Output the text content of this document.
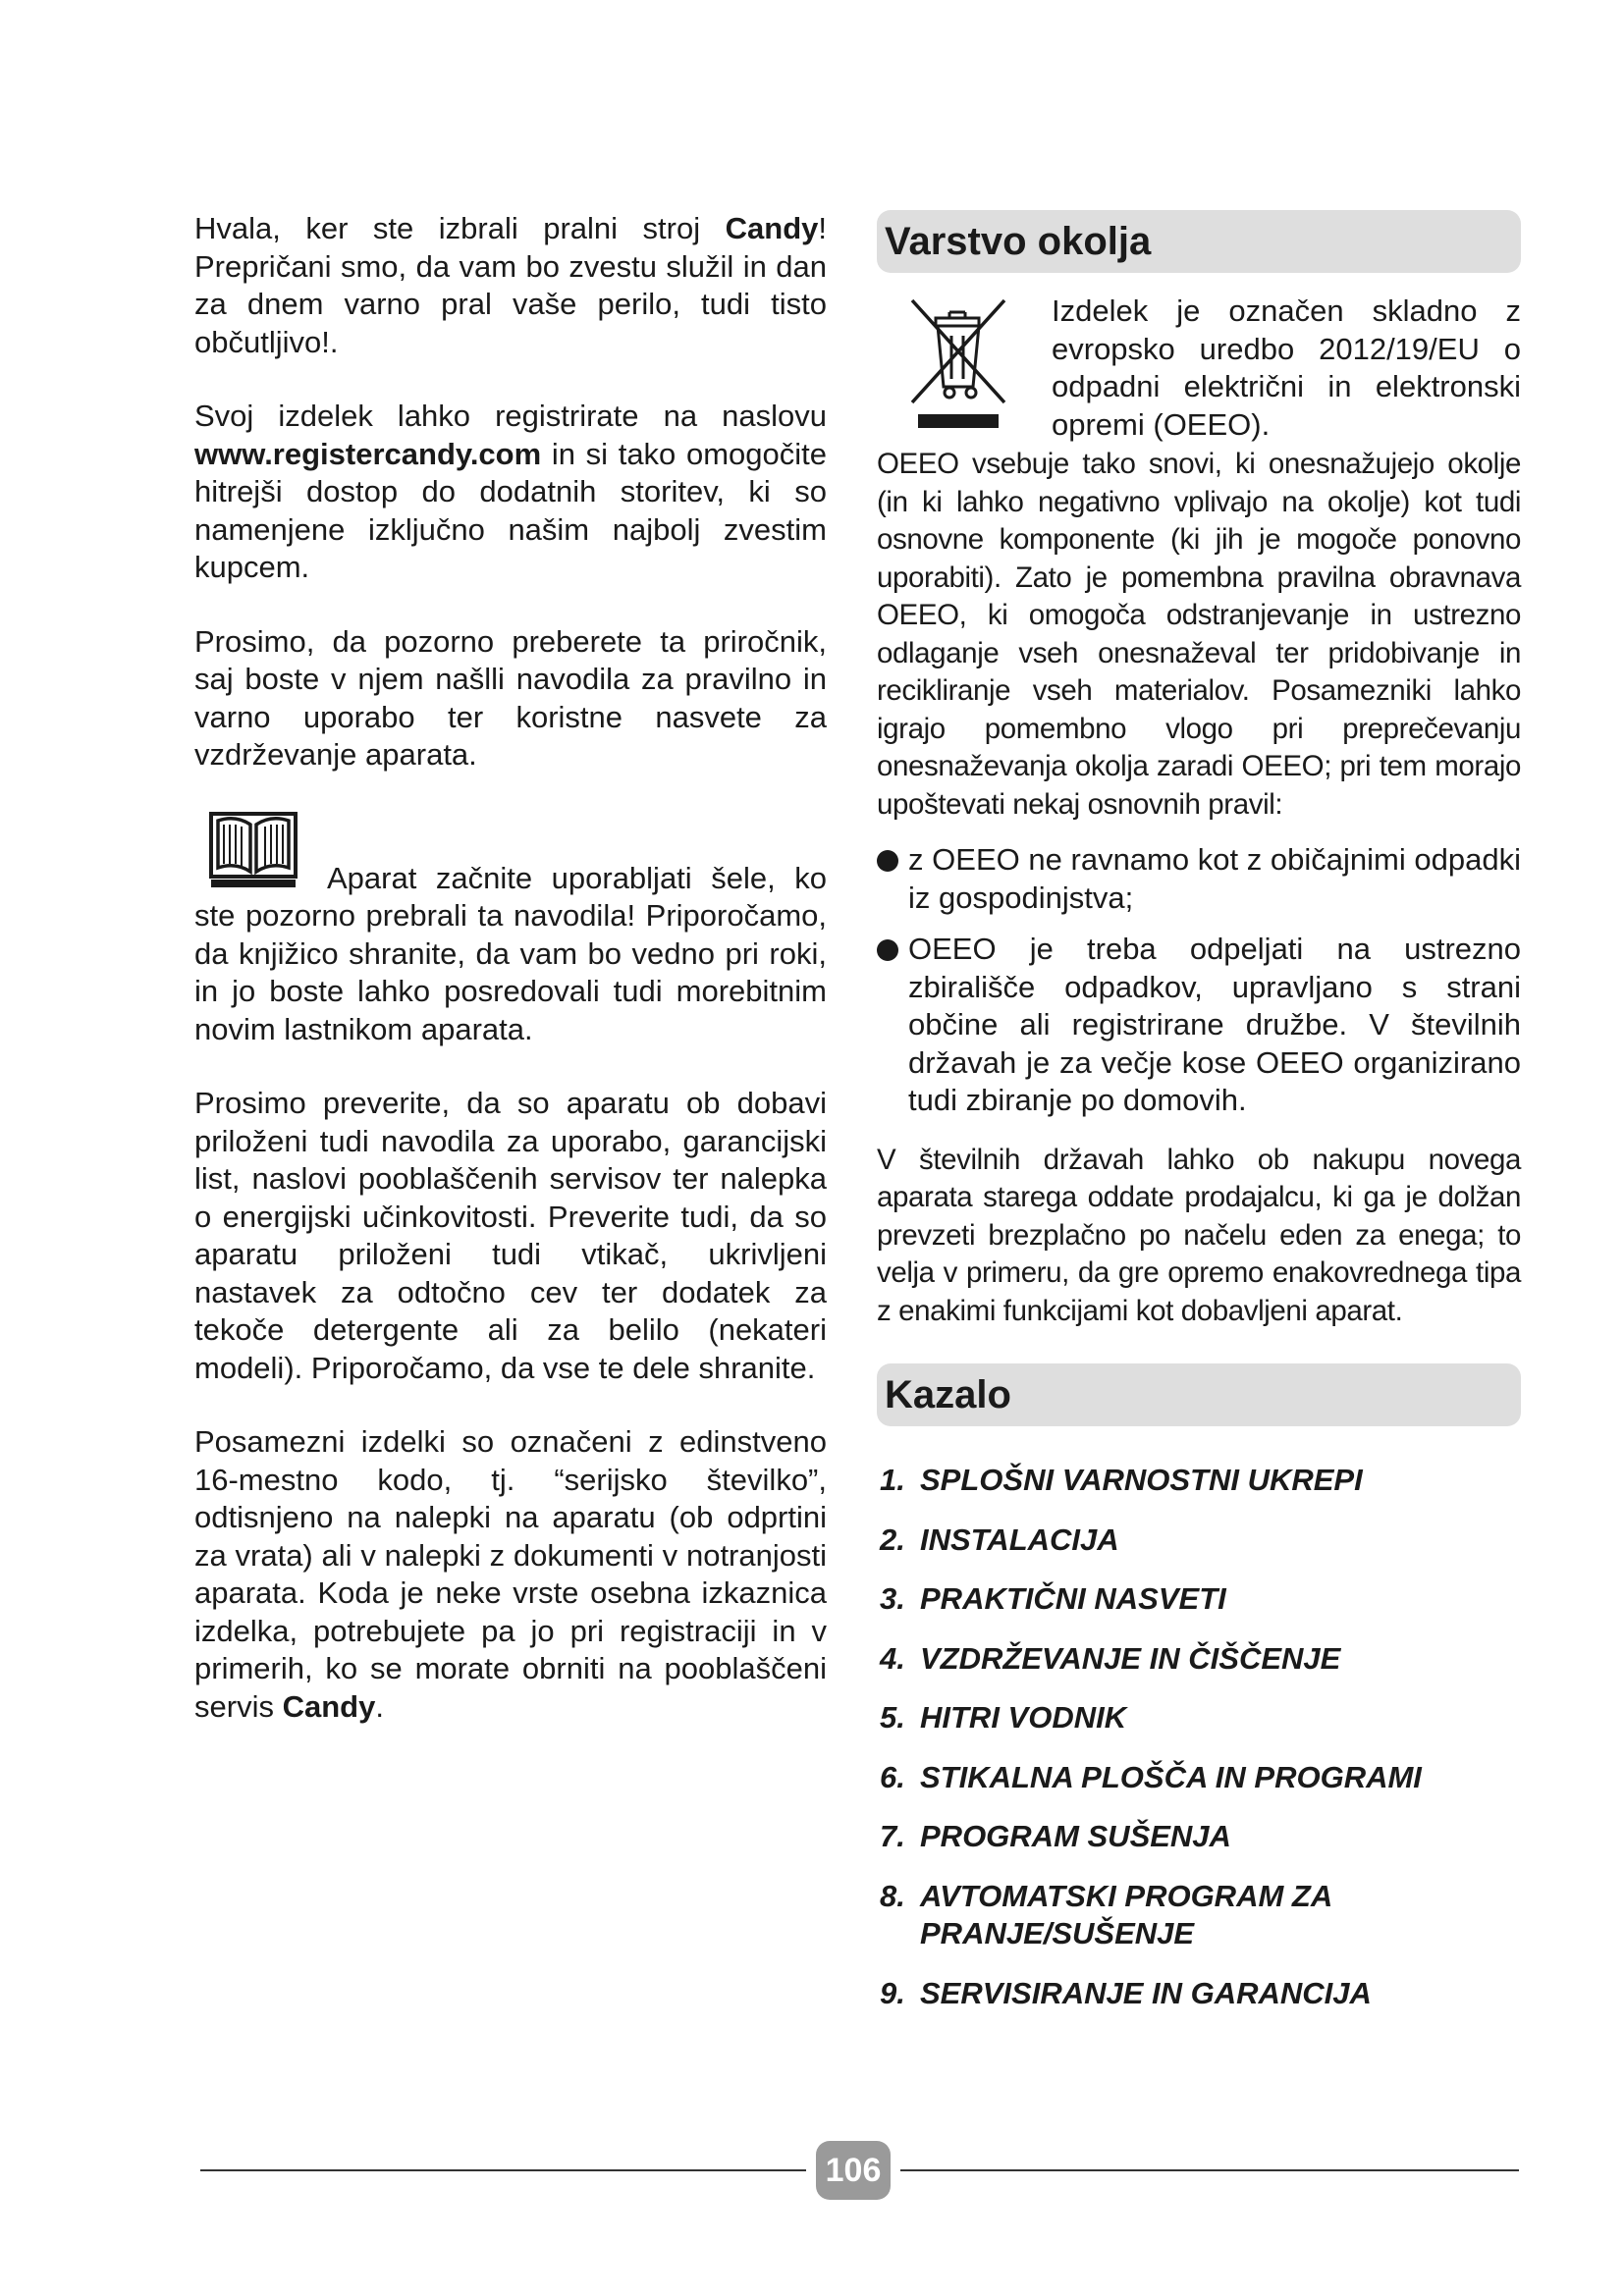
Hvala, ker ste izbrali pralni stroj Candy! Prepričani smo, da vam bo zvestu služil in dan za dnem varno pral vaše perilo, tudi tisto občutljivo!.

Svoj izdelek lahko registrirate na naslovu www.registercandy.com in si tako omogočite hitrejši dostop do dodatnih storitev, ki so namenjene izključno našim najbolj zvestim kupcem.

Prosimo, da pozorno preberete ta priročnik, saj boste v njem našlli navodila za pravilno in varno uporabo ter koristne nasvete za vzdrževanje aparata.

Aparat začnite uporabljati šele, ko ste pozorno prebrali ta navodila! Priporočamo, da knjižico shranite, da vam bo vedno pri roki, in jo boste lahko posredovali tudi morebitnim novim lastnikom aparata.

Prosimo preverite, da so aparatu ob dobavi priloženi tudi navodila za uporabo, garancijski list, naslovi pooblaščenih servisov ter nalepka o energijski učinkovitosti. Preverite tudi, da so aparatu priloženi tudi vtikač, ukrivljeni nastavek za odtočno cev ter dodatek za tekoče detergente ali za belilo (nekateri modeli). Priporočamo, da vse te dele shranite.

Posamezni izdelki so označeni z edinstveno 16-mestno kodo, tj. “serijsko številko”, odtisnjeno na nalepki na aparatu (ob odprtini za vrata) ali v nalepki z dokumenti v notranjosti aparata. Koda je neke vrste osebna izkaznica izdelka, potrebujete pa jo pri registraciji in v primerih, ko se morate obrniti na pooblaščeni servis Candy.

Varstvo okolja
Izdelek je označen skladno z evropsko uredbo 2012/19/EU o odpadni električni in elektronski opremi (OEEO).

OEEO vsebuje tako snovi, ki onesnažujejo okolje (in ki lahko negativno vplivajo na okolje) kot tudi osnovne komponente (ki jih je mogoče ponovno uporabiti). Zato je pomembna pravilna obravnava OEEO, ki omogoča odstranjevanje in ustrezno odlaganje vseh onesnaževal ter pridobivanje in recikliranje vseh materialov. Posamezniki lahko igrajo pomembno vlogo pri preprečevanju onesnaževanja okolja zaradi OEEO; pri tem morajo upoštevati nekaj osnovnih pravil:

z OEEO ne ravnamo kot z običajnimi odpadki iz gospodinjstva;
OEEO je treba odpeljati na ustrezno zbirališče odpadkov, upravljano s strani občine ali registrirane družbe. V številnih državah je za večje kose OEEO organizirano tudi zbiranje po domovih.

V številnih državah lahko ob nakupu novega aparata starega oddate prodajalcu, ki ga je dolžan prevzeti brezplačno po načelu eden za enega; to velja v primeru, da gre opremo enakovrednega tipa z enakimi funkcijami kot dobavljeni aparat.

Kazalo
1. SPLOŠNI VARNOSTNI UKREPI
2. INSTALACIJA
3. PRAKTIČNI NASVETI
4. VZDRŽEVANJE IN ČIŠČENJE
5. HITRI VODNIK
6. STIKALNA PLOŠČA IN PROGRAMI
7. PROGRAM SUŠENJA
8. AVTOMATSKI PROGRAM ZA PRANJE/SUŠENJE
9. SERVISIRANJE IN GARANCIJA
106
